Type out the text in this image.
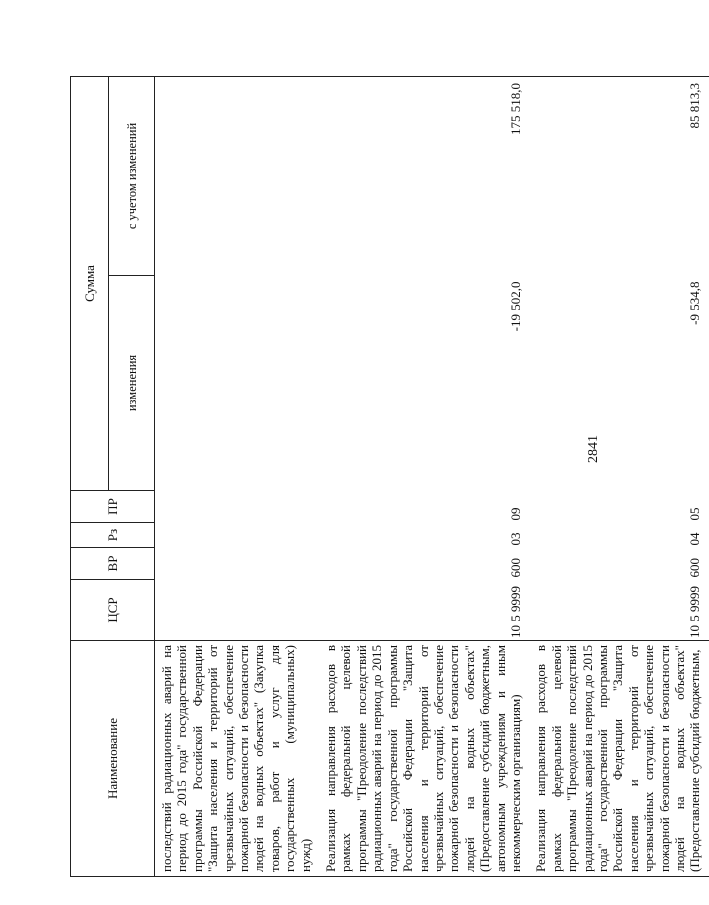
2841
Наименование	ЦСР	ВР	Рз	ПР	Сумма	
					изменения	с учетом изменений
последствий радиационных аварий на период до 2015 года" государственной программы Российской Федерации "Защита населения и территорий от чрезвычайных ситуаций, обеспечение пожарной безопасности и безопасности людей на водных объектах" (Закупка товаров, работ и услуг для государственных (муниципальных) нужд)						
Реализация направления расходов в рамках федеральной целевой программы "Преодоление последствий радиационных аварий на период до 2015 года" государственной программы Российской Федерации "Защита населения и территорий от чрезвычайных ситуаций, обеспечение пожарной безопасности и безопасности людей на водных объектах" (Предоставление субсидий бюджетным, автономным учреждениям и иным некоммерческим организациям)	10 5 9999	600	03	09	-19 502,0	175 518,0
Реализация направления расходов в рамках федеральной целевой программы "Преодоление последствий радиационных аварий на период до 2015 года" государственной программы Российской Федерации "Защита населения и территорий от чрезвычайных ситуаций, обеспечение пожарной безопасности и безопасности людей на водных объектах" (Предоставление субсидий бюджетным,	10 5 9999	600	04	05	-9 534,8	85 813,3
